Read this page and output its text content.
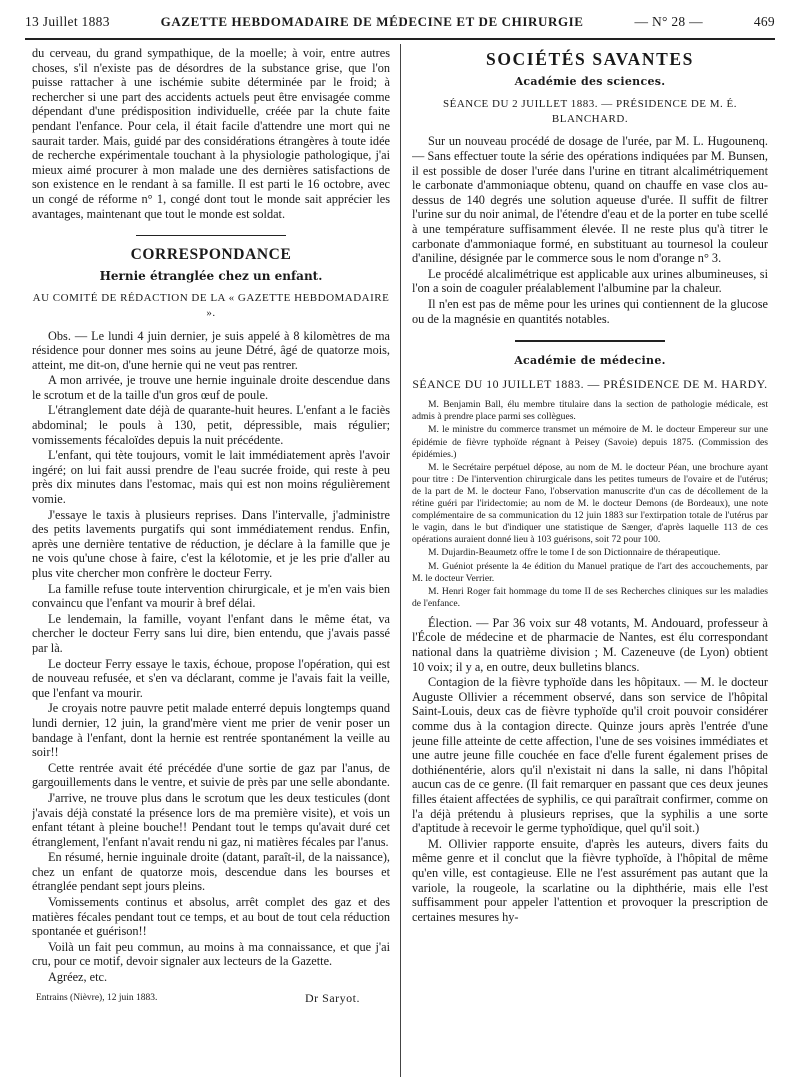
13 Juillet 1883	GAZETTE HEBDOMADAIRE DE MÉDECINE ET DE CHIRURGIE	— N° 28 —	469

du cerveau, du grand sympathique, de la moelle; à voir, entre autres choses, s'il n'existe pas de désordres de la substance grise, que l'on puisse rattacher à une ischémie subite déterminée par le froid; à rechercher si une part des accidents actuels peut être envisagée comme dépendant d'une prédisposition individuelle, créée par la chute faite pendant l'enfance. Pour cela, il était facile d'attendre une mort qui ne saurait tarder. Mais, guidé par des considérations étrangères à toute idée de recherche expérimentale touchant à la physiologie pathologique, j'ai mieux aimé procurer à mon malade une des dernières satisfactions de son existence en le rendant à sa famille. Il est parti le 16 octobre, avec un congé de réforme n° 1, congé dont tout le monde sait apprécier les avantages, maintenant que tout le monde est soldat.

CORRESPONDANCE
Hernie étranglée chez un enfant.
AU COMITÉ DE RÉDACTION DE LA « GAZETTE HEBDOMADAIRE ».

Obs. — Le lundi 4 juin dernier, je suis appelé à 8 kilomètres de ma résidence pour donner mes soins au jeune Détré, âgé de quatorze mois, atteint, me dit-on, d'une hernie qui ne veut pas rentrer.

A mon arrivée, je trouve une hernie inguinale droite descendue dans le scrotum et de la taille d'un gros œuf de poule.

L'étranglement date déjà de quarante-huit heures. L'enfant a le faciès abdominal; le pouls à 130, petit, dépressible, mais régulier; vomissements fécaloïdes depuis la nuit précédente.

L'enfant, qui tète toujours, vomit le lait immédiatement après l'avoir ingéré; on lui fait aussi prendre de l'eau sucrée froide, qui reste à peu près dix minutes dans l'estomac, mais qui est non moins régulièrement vomie.

J'essaye le taxis à plusieurs reprises. Dans l'intervalle, j'administre des petits lavements purgatifs qui sont immédiatement rendus. Enfin, après une dernière tentative de réduction, je déclare à la famille que je ne vois qu'une chose à faire, c'est la kélotomie, et je les prie d'aller au plus vite chercher mon confrère le docteur Ferry.

La famille refuse toute intervention chirurgicale, et je m'en vais bien convaincu que l'enfant va mourir à bref délai.

Le lendemain, la famille, voyant l'enfant dans le même état, va chercher le docteur Ferry sans lui dire, bien entendu, que j'avais passé par là.

Le docteur Ferry essaye le taxis, échoue, propose l'opération, qui est de nouveau refusée, et s'en va déclarant, comme je l'avais fait la veille, que l'enfant va mourir.

Je croyais notre pauvre petit malade enterré depuis longtemps quand lundi dernier, 12 juin, la grand'mère vient me prier de venir poser un bandage à l'enfant, dont la hernie est rentrée spontanément la veille au soir!!

Cette rentrée avait été précédée d'une sortie de gaz par l'anus, de gargouillements dans le ventre, et suivie de près par une selle abondante.

J'arrive, ne trouve plus dans le scrotum que les deux testicules (dont j'avais déjà constaté la présence lors de ma première visite), et vois un enfant tétant à pleine bouche!! Pendant tout le temps qu'avait duré cet étranglement, l'enfant n'avait rendu ni gaz, ni matières fécales par l'anus.

En résumé, hernie inguinale droite (datant, paraît-il, de la naissance), chez un enfant de quatorze mois, descendue dans les bourses et étranglée pendant sept jours pleins.

Vomissements continus et absolus, arrêt complet des gaz et des matières fécales pendant tout ce temps, et au bout de tout cela réduction spontanée et guérison!!

Voilà un fait peu commun, au moins à ma connaissance, et que j'ai cru, pour ce motif, devoir signaler aux lecteurs de la Gazette.

Agréez, etc.

Entrains (Nièvre), 12 juin 1883.	Dr Saryot.
SOCIÉTÉS SAVANTES
Académie des sciences.
SÉANCE DU 2 JUILLET 1883. — PRÉSIDENCE DE M. É. BLANCHARD.

Sur un nouveau procédé de dosage de l'urée, par M. L. Hugounenq. — Sans effectuer toute la série des opérations indiquées par M. Bunsen, il est possible de doser l'urée dans l'urine en titrant alcalimétriquement le carbonate d'ammoniaque obtenu, quand on chauffe en vase clos au-dessus de 140 degrés une solution aqueuse d'urée. Il suffit de filtrer l'urine sur du noir animal, de l'étendre d'eau et de la porter en tube scellé à une température suffisamment élevée. Il ne reste plus qu'à titrer le carbonate d'ammoniaque formé, en substituant au tournesol la couleur d'aniline, désignée par le commerce sous le nom d'orange n° 3.

Le procédé alcalimétrique est applicable aux urines albumineuses, si l'on a soin de coaguler préalablement l'albumine par la chaleur.

Il n'en est pas de même pour les urines qui contiennent de la glucose ou de la magnésie en quantités notables.

Académie de médecine.
SÉANCE DU 10 JUILLET 1883. — PRÉSIDENCE DE M. HARDY.

M. Benjamin Ball, élu membre titulaire dans la section de pathologie médicale, est admis à prendre place parmi ses collègues.

M. le ministre du commerce transmet un mémoire de M. le docteur Empereur sur une épidémie de fièvre typhoïde régnant à Peisey (Savoie) depuis 1875. (Commission des épidémies.)

M. le Secrétaire perpétuel dépose, au nom de M. le docteur Péan, une brochure ayant pour titre : De l'intervention chirurgicale dans les petites tumeurs de l'ovaire et de l'utérus; de la part de M. le docteur Fano, l'observation manuscrite d'un cas de décollement de la rétine guéri par l'iridectomie; au nom de M. le docteur Demons (de Bordeaux), une note complémentaire de sa communication du 12 juin 1883 sur l'extirpation totale de l'utérus par le vagin, dans le but d'indiquer une statistique de Sænger, d'après laquelle 113 de ces opérations auraient donné lieu à 103 guérisons, soit 72 pour 100.

M. Dujardin-Beaumetz offre le tome I de son Dictionnaire de thérapeutique.

M. Guéniot présente la 4e édition du Manuel pratique de l'art des accouchements, par M. le docteur Verrier.

M. Henri Roger fait hommage du tome II de ses Recherches cliniques sur les maladies de l'enfance.

Élection. — Par 36 voix sur 48 votants, M. Andouard, professeur à l'École de médecine et de pharmacie de Nantes, est élu correspondant national dans la quatrième division ; M. Cazeneuve (de Lyon) obtient 10 voix; il y a, en outre, deux bulletins blancs.

Contagion de la fièvre typhoïde dans les hôpitaux. — M. le docteur Auguste Ollivier a récemment observé, dans son service de l'hôpital Saint-Louis, deux cas de fièvre typhoïde qu'il croit pouvoir considérer comme dus à la contagion directe. Quinze jours après l'entrée d'une jeune fille atteinte de cette affection, l'une de ses voisines immédiates et une autre jeune fille couchée en face d'elle furent également prises de dothiénentérie, alors qu'il n'existait ni dans la salle, ni dans l'hôpital aucun cas de ce genre. (Il fait remarquer en passant que ces deux jeunes filles étaient affectées de syphilis, ce qui paraîtrait confirmer, comme on l'a déjà prétendu à plusieurs reprises, que la syphilis a une sorte d'aptitude à recevoir le germe typhoïdique, quel qu'il soit.)

M. Ollivier rapporte ensuite, d'après les auteurs, divers faits du même genre et il conclut que la fièvre typhoïde, à l'hôpital de même qu'en ville, est contagieuse. Elle ne l'est assurément pas autant que la variole, la rougeole, la scarlatine ou la diphthérie, mais elle l'est suffisamment pour appeler l'attention et provoquer la prescription de certaines mesures hy-
